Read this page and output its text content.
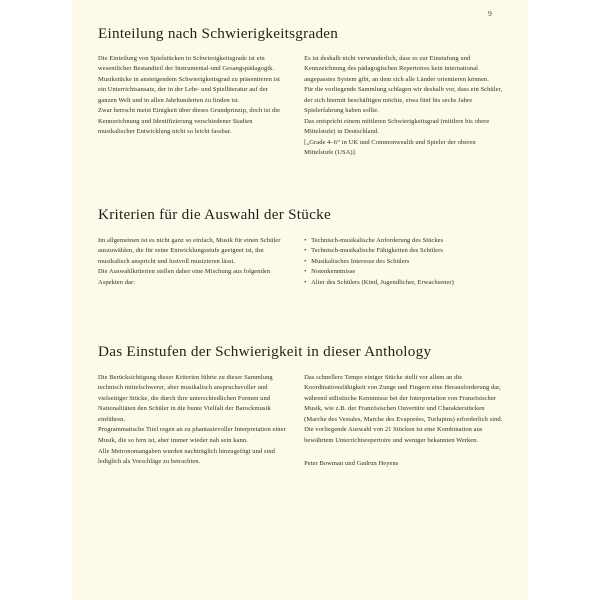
9
Einteilung nach Schwierigkeitsgraden

Die Einteilung von Spielstücken in Schwierigkeitsgrade ist ein wesentlicher Bestandteil der Instrumental-und Gesangspädagogik.

Musikstücke in ansteigendem Schwierigkeitsgrad zu präsentieren ist ein Unterrichtsansatz, der in der Lehr- und Spielliteratur auf der ganzen Welt und in allen Jahrhunderten zu finden ist.

Zwar herrscht meist Einigkeit über dieses Grundprinzip, doch ist die Kennzeichnung und Identifizierung verschiedener Stadien musikalischer Entwicklung nicht so leicht fassbar.

Es ist deshalb nicht verwunderlich, dass es zur Einstufung und Kennzeichnung des pädagogischen Repertoires kein international angepasstes System gibt, an dem sich alle Länder orientieren können.

Für die vorliegende Sammlung schlagen wir deshalb vor, dass ein Schüler, der sich hiermit beschäftigen möchte, etwa fünf bis sechs Jahre Spielerfahrung haben sollte.

Das entspricht einem mittleren Schwierigkeitsgrad (mittlere bis obere Mittelstufe) in Deutschland.

[„Grade 4–6“ in UK und Commonwealth und Spieler der oberen Mittelstufe (USA)].

Kriterien für die Auswahl der Stücke

Im allgemeinen ist es nicht ganz so einfach, Musik für einen Schüler auszuwählen, die für seine Entwicklungsstufe geeignet ist, ihn musikalisch anspricht und lustvoll musizieren lässt.

Die Auswahlkriterien stellen daher eine Mischung aus folgenden Aspekten dar:

• Technisch-musikalische Anforderung des Stückes
• Technisch-musikalische Fähigkeiten des Schülers
• Musikalisches Interesse des Schülers
• Notenkenntnisse
• Alter des Schülers (Kind, Jugendlicher, Erwachsener)
Das Einstufen der Schwierigkeit in dieser Anthology

Die Berücksichtigung dieser Kriterien führte zu dieser Sammlung technisch mittelschwerer, aber musikalisch anspruchsvoller und vielseitiger Stücke, die durch ihre unterschiedlichen Formen und Nationalitäten den Schüler in die bunte Vielfalt der Barockmusik einführen.

Programmatische Titel regen an zu phantasievoller Interpretation einer Musik, die so fern ist, aber immer wieder nah sein kann.

Alle Metronomangaben wurden nachträglich hinzugefügt und sind lediglich als Vorschläge zu betrachten.

Das schnellere Tempo einiger Stücke stellt vor allem an die Koordinationsfähigkeit von Zunge und Fingern eine Herausforderung dar, während stilistische Kenntnisse bei der Interpretation von Französischer Musik, wie z.B. der Französischen Ouvertüre und Charakterstücken (Marche des Vestales, Marche des Evaporées, Turlupins) erforderlich sind. Die vorliegende Auswahl von 21 Stücken ist eine Kombination aus bewährtem Unterrichtsrepertoire und weniger bekannten Werken.

Peter Bowman und Gudrun Heyens
